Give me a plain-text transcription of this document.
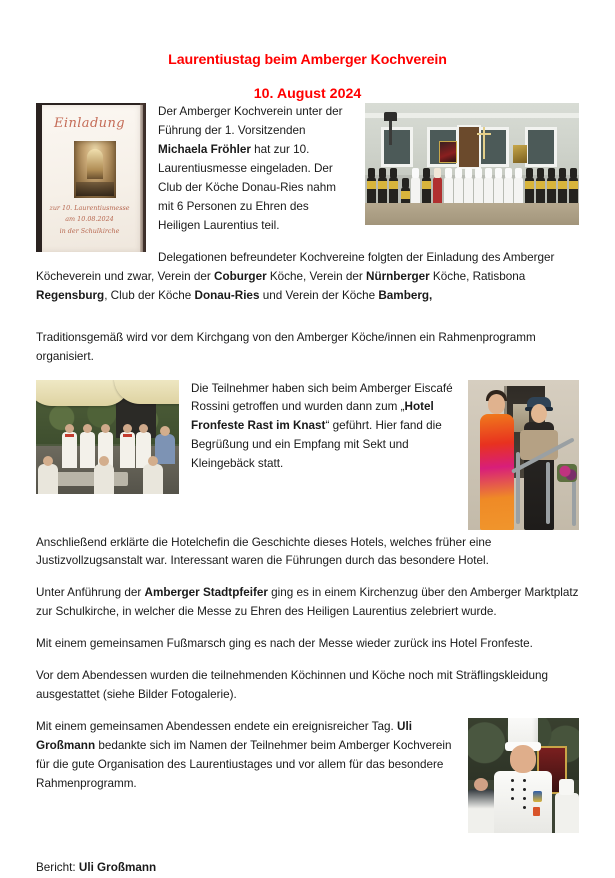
Laurentiustag beim Amberger Kochverein
10. August 2024
Einladung
zur 10. Laurentiusmesse
am 10.08.2024
in der Schulkirche

Der Amberger Kochverein unter der Führung der 1. Vorsitzenden Michaela Fröhler hat zur 10. Laurentiusmesse eingeladen. Der Club der Köche Donau-Ries nahm mit 6 Personen zu Ehren des Heiligen Laurentius teil.

Delegationen befreundeter Kochvereine folgten der Einladung des Amberger Köcheverein und zwar, Verein der Coburger Köche, Verein der Nürnberger Köche, Ratisbona Regensburg, Club der Köche Donau-Ries und Verein der Köche Bamberg,

Traditionsgemäß wird vor dem Kirchgang von den Amberger Köche/innen ein Rahmenprogramm organisiert.

Die Teilnehmer haben sich beim Amberger Eiscafé Rossini getroffen und wurden dann zum „Hotel Fronfeste Rast im Knast“ geführt. Hier fand die Begrüßung und ein Empfang mit Sekt und Kleingebäck statt.

Anschließend erklärte die Hotelchefin die Geschichte dieses Hotels, welches früher eine Justizvollzugsanstalt war. Interessant waren die Führungen durch das besondere Hotel.

Unter Anführung der Amberger Stadtpfeifer ging es in einem Kirchenzug über den Amberger Marktplatz zur Schulkirche, in welcher die Messe zu Ehren des Heiligen Laurentius zelebriert wurde.

Mit einem gemeinsamen Fußmarsch ging es nach der Messe wieder zurück ins Hotel Fronfeste.

Vor dem Abendessen wurden die teilnehmenden Köchinnen und Köche noch mit Sträflingskleidung ausgestattet (siehe Bilder Fotogalerie).

Mit einem gemeinsamen Abendessen endete ein ereignisreicher Tag. Uli Großmann bedankte sich im Namen der Teilnehmer beim Amberger Kochverein für die gute Organisation des Laurentiustages und vor allem für das besondere Rahmenprogramm.

Bericht: Uli Großmann
